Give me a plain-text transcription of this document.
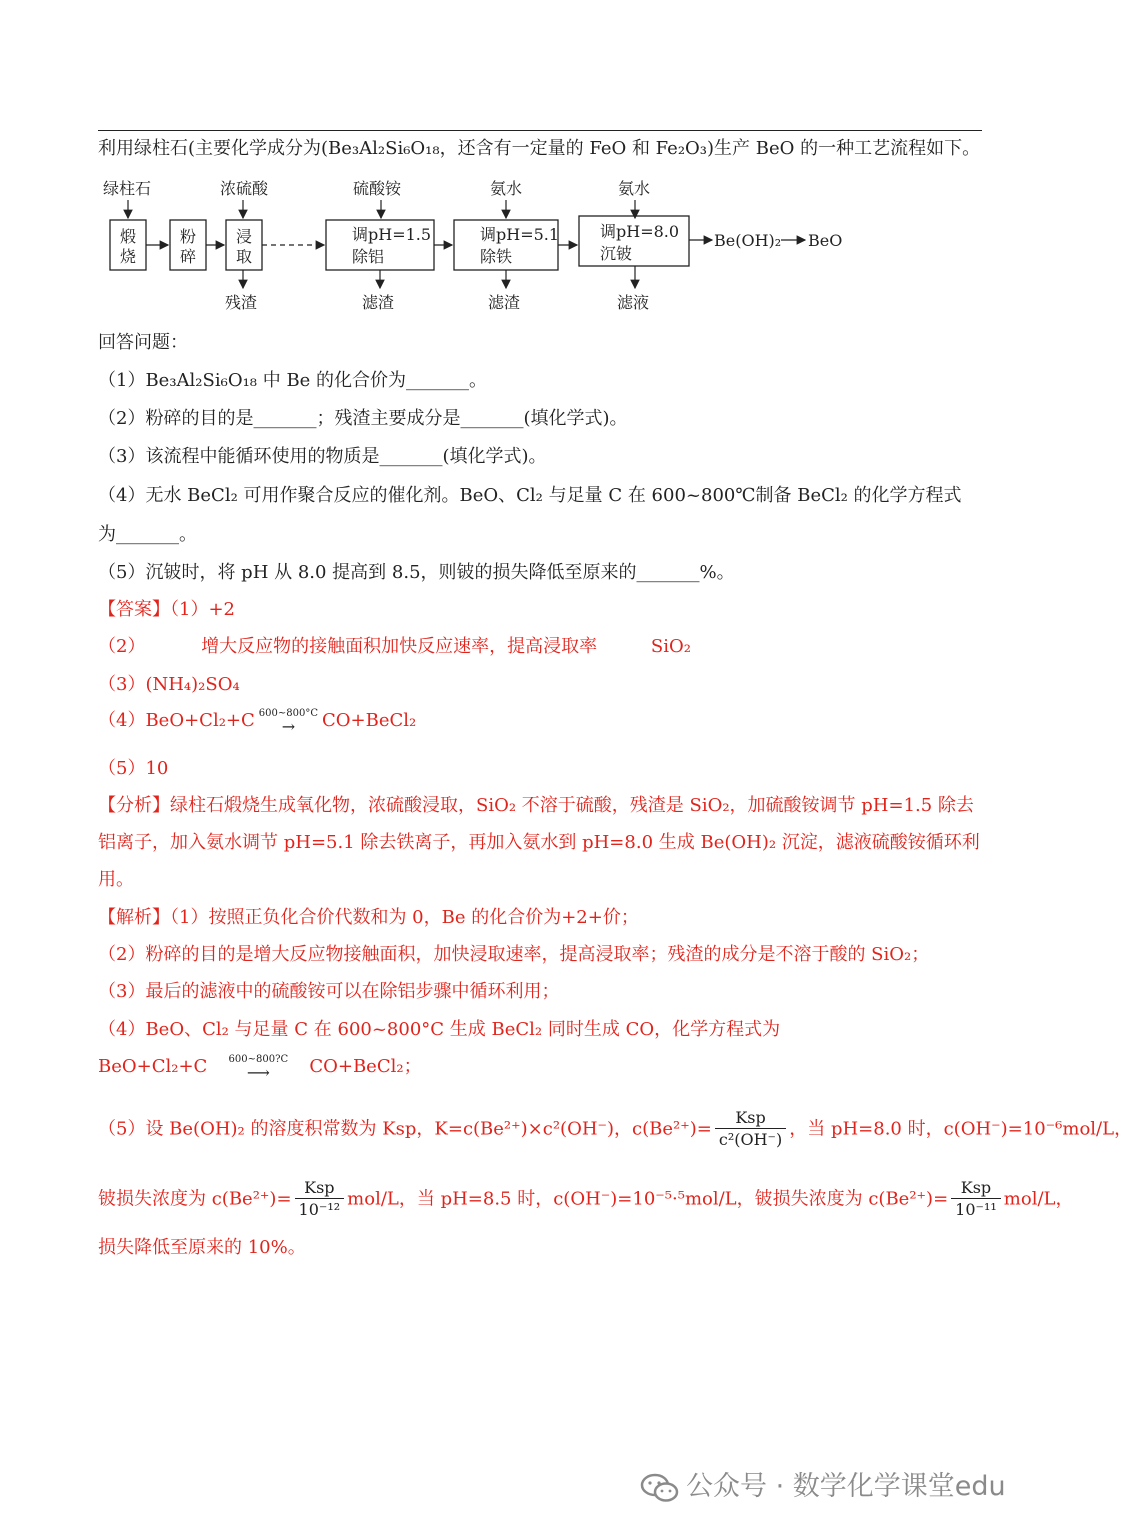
利用绿柱石(主要化学成分为(Be₃Al₂Si₆O₁₈，还含有一定量的 FeO 和 Fe₂O₃)生产 BeO 的一种工艺流程如下。
绿柱石	浓硫酸	硫酸铵	氨水	氨水
煅
烧
粉
碎
浸
取
调pH=1.5
除铝
调pH=5.1
除铁
调pH=8.0
沉铍
Be(OH)₂ BeO
残渣	滤渣	滤渣	滤液
回答问题：
（1）Be₃Al₂Si₆O₁₈ 中 Be 的化合价为_______。
（2）粉碎的目的是_______；残渣主要成分是_______(填化学式)。
（3）该流程中能循环使用的物质是_______(填化学式)。
（4）无水 BeCl₂ 可用作聚合反应的催化剂。BeO、Cl₂ 与足量 C 在 600~800℃制备 BeCl₂ 的化学方程式
为_______。
（5）沉铍时，将 pH 从 8.0 提高到 8.5，则铍的损失降低至原来的_______%。
【答案】（1）+2
（2）	增大反应物的接触面积加快反应速率，提高浸取率	SiO₂
（3）(NH₄)₂SO₄
（4）BeO+Cl₂+C 600~800°C
→	CO+BeCl₂
（5）10
【分析】绿柱石煅烧生成氧化物，浓硫酸浸取，SiO₂ 不溶于硫酸，残渣是 SiO₂，加硫酸铵调节 pH=1.5 除去
铝离子，加入氨水调节 pH=5.1 除去铁离子，再加入氨水到 pH=8.0 生成 Be(OH)₂ 沉淀，滤液硫酸铵循环利
用。
【解析】（1）按照正负化合价代数和为 0，Be 的化合价为+2+价；
（2）粉碎的目的是增大反应物接触面积，加快浸取速率，提高浸取率；残渣的成分是不溶于酸的 SiO₂；
（3）最后的滤液中的硫酸铵可以在除铝步骤中循环利用；
（4）BeO、Cl₂ 与足量 C 在 600~800°C 生成 BeCl₂ 同时生成 CO，化学方程式为
BeO+Cl₂+C	600~800?C
⟶	CO+BeCl₂；
（5）设 Be(OH)₂ 的溶度积常数为 Ksp，K=c(Be²⁺)×c²(OH⁻)，$c(Be^{2+})= \frac{\text{Ksp}}{\text{c²(OH⁻)}}$ ，当 pH=8.0 时，c(OH⁻)=10⁻⁶mol/L，
铍损失浓度为 $c(Be^{2+})= \frac{\text{Ksp}}{\text{10⁻¹²}} mol/L$，当 pH=8.5 时，c(OH⁻)=10⁻⁵·⁵mol/L，铍损失浓度为 $c(Be^{2+})= \frac{\text{Ksp}}{\text{10⁻¹¹}} mol/L$，
损失降低至原来的 10%。
公众号 · 数学化学课堂edu
